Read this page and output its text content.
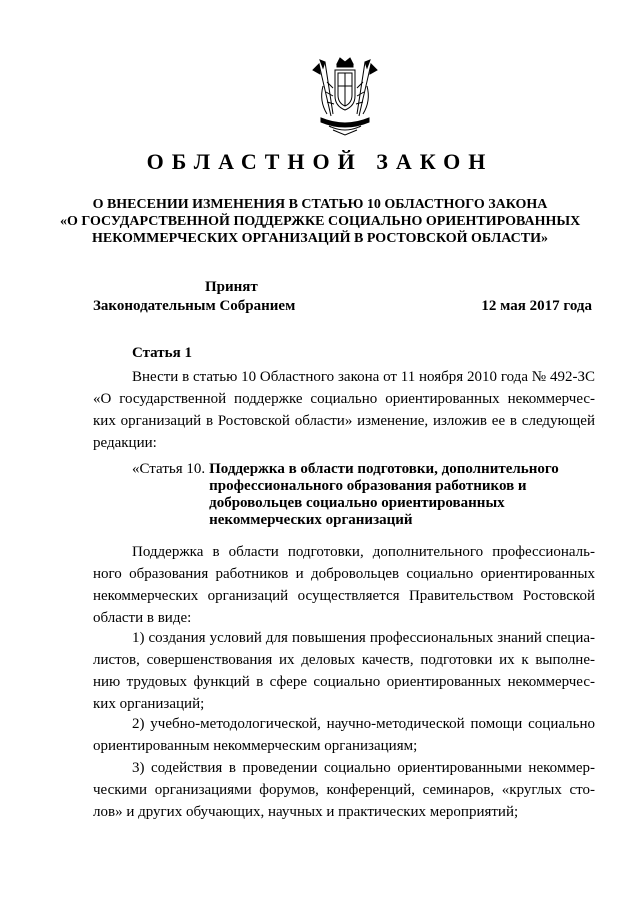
ОБЛАСТНОЙ ЗАКОН
О ВНЕСЕНИИ ИЗМЕНЕНИЯ В СТАТЬЮ 10 ОБЛАСТНОГО ЗАКОНА
«О ГОСУДАРСТВЕННОЙ ПОДДЕРЖКЕ СОЦИАЛЬНО ОРИЕНТИРОВАННЫХ
НЕКОММЕРЧЕСКИХ ОРГАНИЗАЦИЙ В РОСТОВСКОЙ ОБЛАСТИ»
Принят
Законодательным Собранием	12 мая 2017 года
Статья 1
Внести в статью 10 Областного закона от 11 ноября 2010 года № 492-ЗС
«О государственной поддержке социально ориентированных некоммерчес-
ких организаций в Ростовской области» изменение, изложив ее в следующей
редакции:
«Статья 10. Поддержка в области подготовки, дополнительного
профессионального образования работников и
добровольцев социально ориентированных
некоммерческих организаций
Поддержка в области подготовки, дополнительного профессиональ-
ного образования работников и добровольцев социально ориентированных
некоммерческих организаций осуществляется Правительством Ростовской
области в виде:
1) создания условий для повышения профессиональных знаний специа-
листов, совершенствования их деловых качеств, подготовки их к выполне-
нию трудовых функций в сфере социально ориентированных некоммерчес-
ких организаций;
2) учебно-методологической, научно-методической помощи социально
ориентированным некоммерческим организациям;
3) содействия в проведении социально ориентированными некоммер-
ческими организациями форумов, конференций, семинаров, «круглых сто-
лов» и других обучающих, научных и практических мероприятий;
